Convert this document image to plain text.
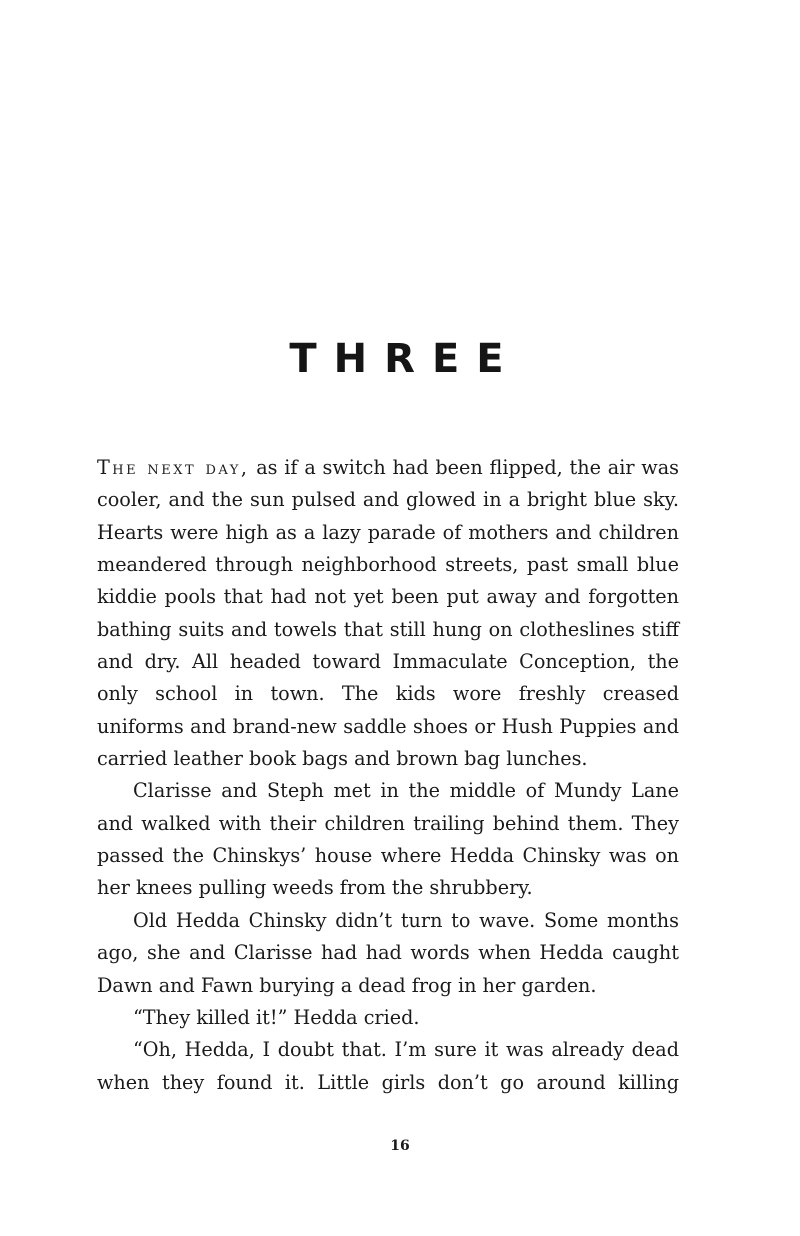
THREE

The next day, as if a switch had been flipped, the air was cooler, and the sun pulsed and glowed in a bright blue sky. Hearts were high as a lazy parade of mothers and children meandered through neighborhood streets, past small blue kiddie pools that had not yet been put away and forgotten bathing suits and towels that still hung on clotheslines stiff and dry. All headed toward Immaculate Conception, the only school in town. The kids wore freshly creased uniforms and brand-new saddle shoes or Hush Puppies and carried leather book bags and brown bag lunches.

Clarisse and Steph met in the middle of Mundy Lane and walked with their children trailing behind them. They passed the Chinskys’ house where Hedda Chinsky was on her knees pulling weeds from the shrubbery.

Old Hedda Chinsky didn’t turn to wave. Some months ago, she and Clarisse had had words when Hedda caught Dawn and Fawn burying a dead frog in her garden.

“They killed it!” Hedda cried.

“Oh, Hedda, I doubt that. I’m sure it was already dead when they found it. Little girls don’t go around killing

16
